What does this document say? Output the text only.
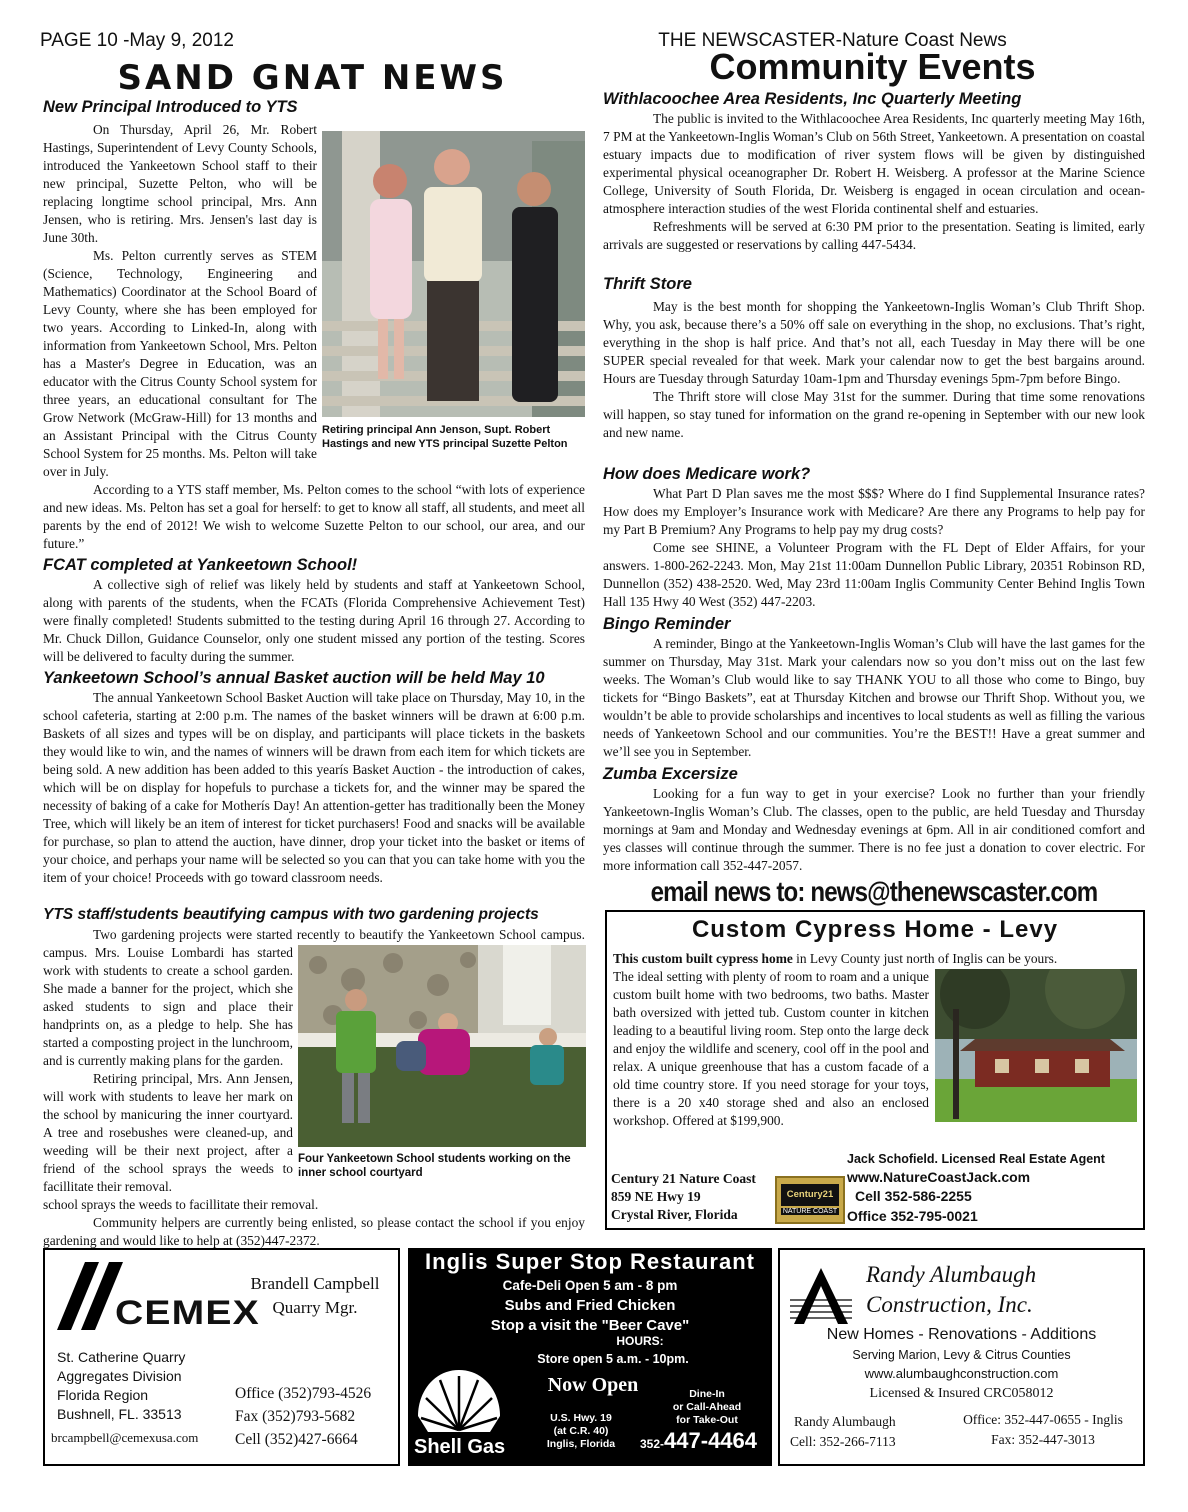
PAGE 10 -May 9, 2012	THE NEWSCASTER-Nature Coast News
SAND GNAT NEWS	Community Events
New Principal Introduced to YTS

On Thursday, April 26, Mr. Robert Hastings, Superintendent of Levy County Schools, introduced the Yankeetown School staff to their new principal, Suzette Pelton, who will be replacing longtime school principal, Mrs. Ann Jensen, who is retiring. Mrs. Jensen's last day is June 30th.

Ms. Pelton currently serves as STEM (Science, Technology, Engineering and Mathematics) Coordinator at the School Board of Levy County, where she has been employed for two years. According to Linked-In, along with information from Yankeetown School, Mrs. Pelton has a Master's Degree in Education, was an educator with the Citrus County School system for three years, an educational consultant for The Grow Network (McGraw-Hill) for 13 months and an Assistant Principal with the Citrus County School System for 25 months. Ms. Pelton will take over in July.

Retiring principal Ann Jenson, Supt. Robert Hastings and new YTS principal Suzette Pelton

According to a YTS staff member, Ms. Pelton comes to the school “with lots of experience and new ideas. Ms. Pelton has set a goal for herself: to get to know all staff, all students, and meet all parents by the end of 2012! We wish to welcome Suzette Pelton to our school, our area, and our future.”

FCAT completed at Yankeetown School!

A collective sigh of relief was likely held by students and staff at Yankeetown School, along with parents of the students, when the FCATs (Florida Comprehensive Achievement Test) were finally completed! Students submitted to the testing during April 16 through 27. According to Mr. Chuck Dillon, Guidance Counselor, only one student missed any portion of the testing. Scores will be delivered to faculty during the summer.

Yankeetown School’s annual Basket auction will be held May 10

The annual Yankeetown School Basket Auction will take place on Thursday, May 10, in the school cafeteria, starting at 2:00 p.m. The names of the basket winners will be drawn at 6:00 p.m. Baskets of all sizes and types will be on display, and participants will place tickets in the baskets they would like to win, and the names of winners will be drawn from each item for which tickets are being sold. A new addition has been added to this yearís Basket Auction - the introduction of cakes, which will be on display for hopefuls to purchase a tickets for, and the winner may be spared the necessity of baking of a cake for Motherís Day! An attention-getter has traditionally been the Money Tree, which will likely be an item of interest for ticket purchasers! Food and snacks will be available for purchase, so plan to attend the auction, have dinner, drop your ticket into the basket or items of your choice, and perhaps your name will be selected so you can that you can take home with you the item of your choice! Proceeds with go toward classroom needs.

YTS staff/students beautifying campus with two gardening projects

Two gardening projects were started recently to beautify the Yankeetown School campus.

campus. Mrs. Louise Lombardi has started work with students to create a school garden. She made a banner for the project, which she asked students to sign and place their handprints on, as a pledge to help. She has started a composting project in the lunchroom, and is currently making plans for the garden.

Retiring principal, Mrs. Ann Jensen, will work with students to leave her mark on the school by manicuring the inner courtyard. A tree and rosebushes were cleaned-up, and weeding will be their next project, after a friend of the school sprays the weeds to facillitate their removal.

Four Yankeetown School students working on the inner school courtyard

school sprays the weeds to facillitate their removal.

Community helpers are currently being enlisted, so please contact the school if you enjoy gardening and would like to help at (352)447-2372.

Withlacoochee Area Residents, Inc Quarterly Meeting

The public is invited to the Withlacoochee Area Residents, Inc quarterly meeting May 16th, 7 PM at the Yankeetown-Inglis Woman’s Club on 56th Street, Yankeetown. A presentation on coastal estuary impacts due to modification of river system flows will be given by distinguished experimental physical oceanographer Dr. Robert H. Weisberg. A professor at the Marine Science College, University of South Florida, Dr. Weisberg is engaged in ocean circulation and ocean-atmosphere interaction studies of the west Florida continental shelf and estuaries.

Refreshments will be served at 6:30 PM prior to the presentation. Seating is limited, early arrivals are suggested or reservations by calling 447-5434.

Thrift Store

May is the best month for shopping the Yankeetown-Inglis Woman’s Club Thrift Shop. Why, you ask, because there’s a 50% off sale on everything in the shop, no exclusions. That’s right, everything in the shop is half price. And that’s not all, each Tuesday in May there will be one SUPER special revealed for that week. Mark your calendar now to get the best bargains around. Hours are Tuesday through Saturday 10am-1pm and Thursday evenings 5pm-7pm before Bingo.

The Thrift store will close May 31st for the summer. During that time some renovations will happen, so stay tuned for information on the grand re-opening in September with our new look and new name.

How does Medicare work?

What Part D Plan saves me the most $$$? Where do I find Supplemental Insurance rates? How does my Employer’s Insurance work with Medicare? Are there any Programs to help pay for my Part B Premium? Any Programs to help pay my drug costs?

Come see SHINE, a Volunteer Program with the FL Dept of Elder Affairs, for your answers. 1-800-262-2243. Mon, May 21st 11:00am Dunnellon Public Library, 20351 Robinson RD, Dunnellon (352) 438-2520. Wed, May 23rd 11:00am Inglis Community Center Behind Inglis Town Hall 135 Hwy 40 West (352) 447-2203.

Bingo Reminder

A reminder, Bingo at the Yankeetown-Inglis Woman’s Club will have the last games for the summer on Thursday, May 31st. Mark your calendars now so you don’t miss out on the last few weeks. The Woman’s Club would like to say THANK YOU to all those who come to Bingo, buy tickets for “Bingo Baskets”, eat at Thursday Kitchen and browse our Thrift Shop. Without you, we wouldn’t be able to provide scholarships and incentives to local students as well as filling the various needs of Yankeetown School and our communities. You’re the BEST!! Have a great summer and we’ll see you in September.

Zumba Excersize

Looking for a fun way to get in your exercise? Look no further than your friendly Yankeetown-Inglis Woman’s Club. The classes, open to the public, are held Tuesday and Thursday mornings at 9am and Monday and Wednesday evenings at 6pm. All in air conditioned comfort and yes classes will continue through the summer. There is no fee just a donation to cover electric. For more information call 352-447-2057.

email news to: news@thenewscaster.com
Custom Cypress Home - Levy
This custom built cypress home in Levy County just north of Inglis can be yours.
The ideal setting with plenty of room to roam and a unique custom built home with two bedrooms, two baths. Master bath oversized with jetted tub. Custom counter in kitchen leading to a beautiful living room. Step onto the large deck and enjoy the wildlife and scenery, cool off in the pool and relax. A unique greenhouse that has a custom facade of a old time country store. If you need storage for your toys, there is a 20 x40 storage shed and also an enclosed workshop. Offered at $199,900.
Jack Schofield. Licensed Real Estate Agent
www.NatureCoastJack.com
Cell 352-586-2255
Office 352-795-0021
Century 21 Nature Coast
859 NE Hwy 19
Crystal River, Florida
Century21
NATURE COAST
CEMEX
Brandell Campbell
Quarry Mgr.
St. Catherine Quarry
Aggregates Division
Florida Region
Bushnell, FL. 33513
brcampbell@cemexusa.com
Office (352)793-4526
Fax (352)793-5682
Cell (352)427-6664
Inglis Super Stop Restaurant
Cafe-Deli Open 5 am - 8 pm
Subs and Fried Chicken
Stop a visit the "Beer Cave"
HOURS:
Store open 5 a.m. - 10pm.
Now Open	Dine-In
or Call-Ahead
for Take-Out
Shell Gas
U.S. Hwy. 19
(at C.R. 40)
Inglis, Florida	352-447-4464
Randy Alumbaugh
Construction, Inc.
New Homes - Renovations - Additions
Serving Marion, Levy & Citrus Counties
www.alumbaughconstruction.com
Licensed & Insured CRC058012
Randy Alumbaugh
Cell: 352-266-7113
Office: 352-447-0655 - Inglis
Fax: 352-447-3013
